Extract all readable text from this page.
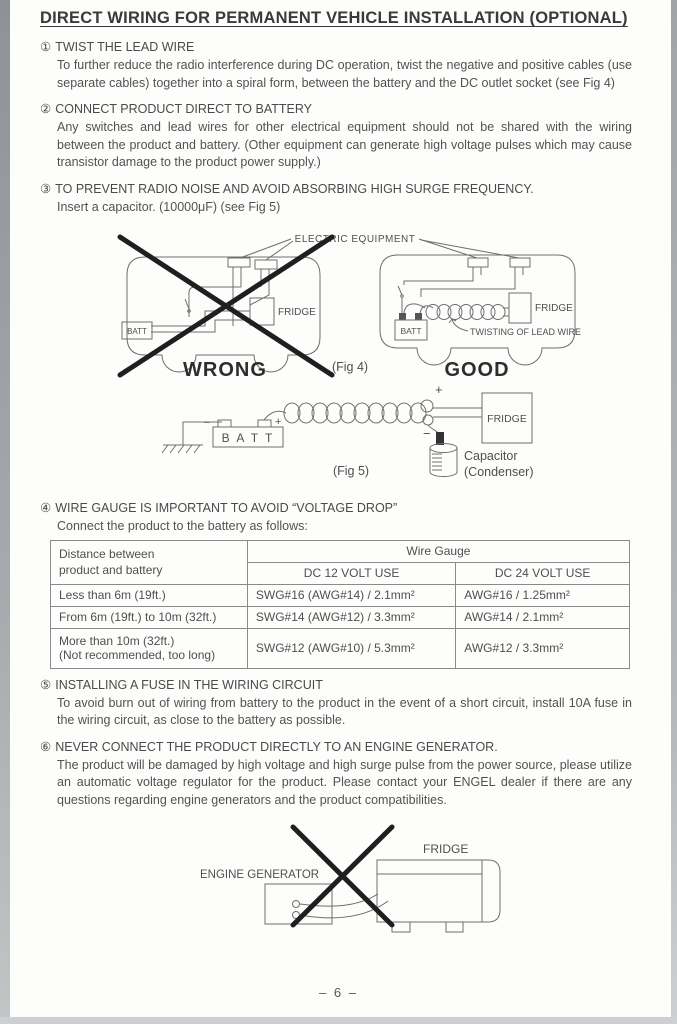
DIRECT WIRING FOR PERMANENT VEHICLE INSTALLATION (OPTIONAL)
① TWIST THE LEAD WIRE
To further reduce the radio interference during DC operation, twist the negative and positive cables (use separate cables) together into a spiral form, between the battery and the DC outlet socket (see Fig 4)
② CONNECT PRODUCT DIRECT TO BATTERY
Any switches and lead wires for other electrical equipment should not be shared with the wiring between the product and battery. (Other equipment can generate high voltage pulses which may cause transistor damage to the product power supply.)
③ TO PREVENT RADIO NOISE AND AVOID ABSORBING HIGH SURGE FREQUENCY.
Insert a capacitor. (10000μF) (see Fig 5)
ELECTRIC EQUIPMENT
BATT
FRIDGE
WRONG	(Fig 4)
BATT
FRIDGE
TWISTING OF LEAD WIRE
GOOD
−	+
B A T T
+
−
FRIDGE
Capacitor
(Condenser)
(Fig 5)
④ WIRE GAUGE IS IMPORTANT TO AVOID “VOLTAGE DROP”
Connect the product to the battery as follows:
Distance between
product and battery	Wire Gauge	
	DC 12 VOLT USE	DC 24 VOLT USE
Less than 6m (19ft.)	SWG#16 (AWG#14) / 2.1mm²	AWG#16 / 1.25mm²
From 6m (19ft.) to 10m (32ft.)	SWG#14 (AWG#12) / 3.3mm²	AWG#14 / 2.1mm²

More than 10m (32ft.)
(Not recommended, too long)	SWG#12 (AWG#10) / 5.3mm²	AWG#12 / 3.3mm²
⑤ INSTALLING A FUSE IN THE WIRING CIRCUIT
To avoid burn out of wiring from battery to the product in the event of a short circuit, install 10A fuse in the wiring circuit, as close to the battery as possible.
⑥ NEVER CONNECT THE PRODUCT DIRECTLY TO AN ENGINE GENERATOR.
The product will be damaged by high voltage and high surge pulse from the power source, please utilize an automatic voltage regulator for the product. Please contact your ENGEL dealer if there are any questions regarding engine generators and the product compatibilities.
ENGINE GENERATOR
FRIDGE
– 6 –
